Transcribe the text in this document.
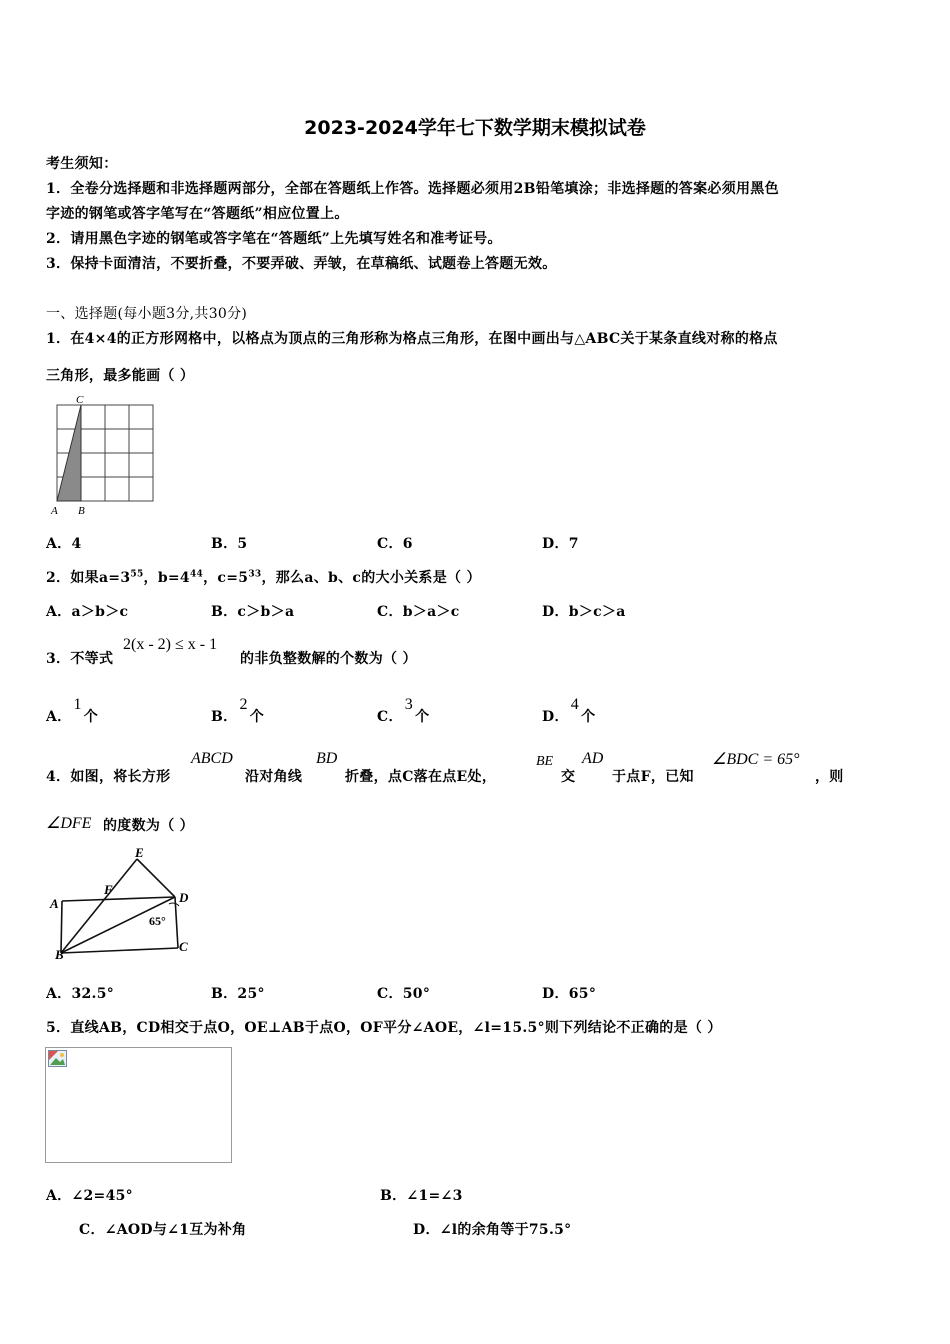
2023-2024学年七下数学期末模拟试卷
考生须知：
1．全卷分选择题和非选择题两部分，全部在答题纸上作答。选择题必须用2B铅笔填涂；非选择题的答案必须用黑色
字迹的钢笔或答字笔写在“答题纸”相应位置上。
2．请用黑色字迹的钢笔或答字笔在“答题纸”上先填写姓名和准考证号。
3．保持卡面清洁，不要折叠，不要弄破、弄皱，在草稿纸、试题卷上答题无效。
一、选择题(每小题3分,共30分)
1．在4×4的正方形网格中，以格点为顶点的三角形称为格点三角形，在图中画出与△ABC关于某条直线对称的格点
三角形，最多能画（ ）
C
A B
A．4	B．5	C．6	D．7
2．如果$a=3^{55}$，$b=4^{44}$，$c=5^{33}$，那么a、b、c的大小关系是（ ）
A．a＞b＞c	B．c＞b＞a	C．b＞a＞c	D．b＞c＞a
3．不等式
2(x - 2) ≤ x - 1
的非负整数解的个数为（ ）
A．1个	B．2个	C．3个	D．4个
4．如图，将长方形
ABCD
沿对角线
BD
折叠，点C落在点E处，
BE
交
AD
于点F，已知
∠BDC = 65°
，则
∠DFE 的度数为（ ）
E
F
A	D
65°
B
C
A．32.5°	B．25°	C．50°	D．65°
5．直线AB，CD相交于点O，OE⊥AB于点O，OF平分∠AOE，∠l=15.5°则下列结论不正确的是（ ）
A．∠2=45°	B．∠1=∠3
C．∠AOD与∠1互为补角	D．∠l的余角等于75.5°
